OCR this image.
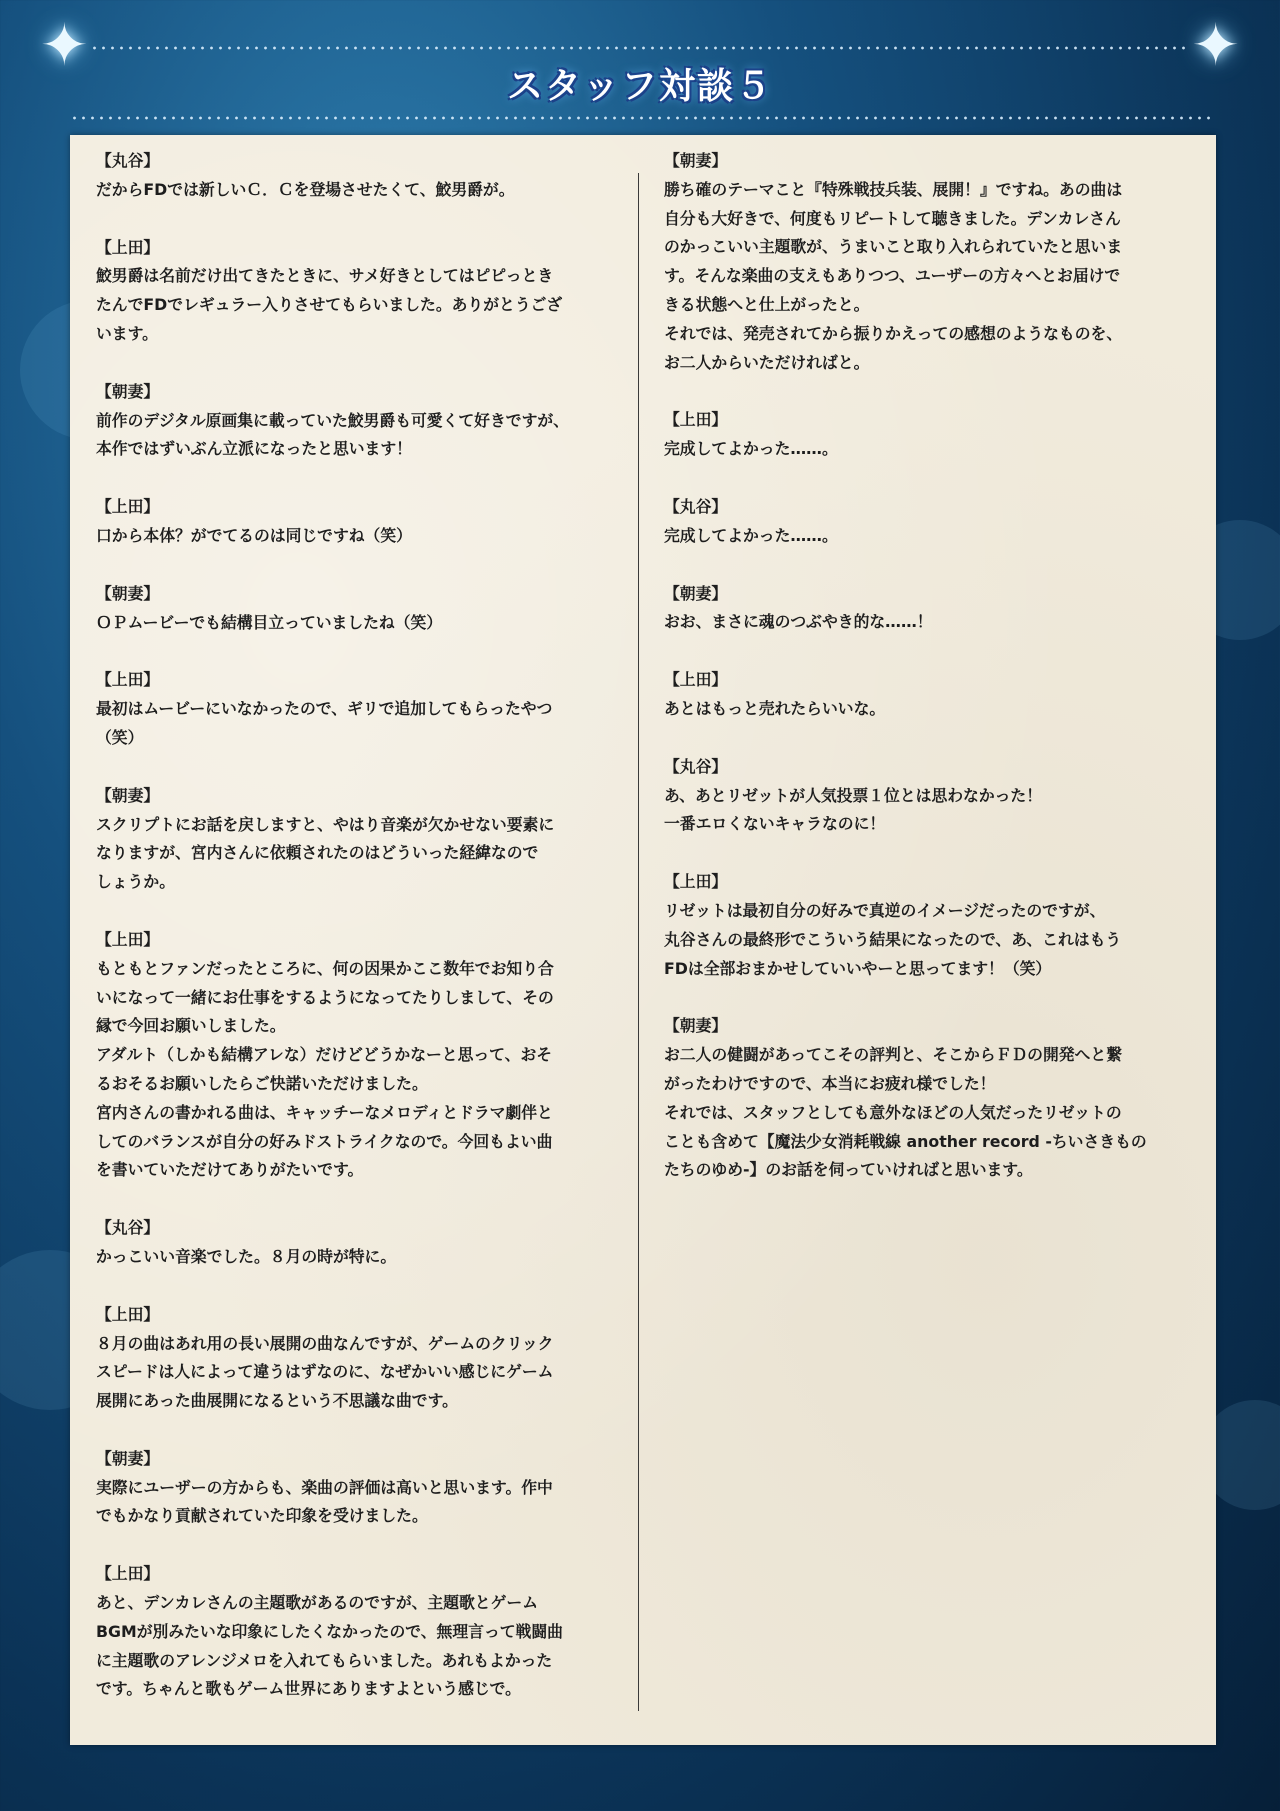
✦	✦
スタッフ対談５

【丸谷】

だからFDでは新しいＣ．Ｃを登場させたくて、鮫男爵が。

【上田】

鮫男爵は名前だけ出てきたときに、サメ好きとしてはピピっとき

たんでFDでレギュラー入りさせてもらいました。ありがとうござ

います。

【朝妻】

前作のデジタル原画集に載っていた鮫男爵も可愛くて好きですが、

本作ではずいぶん立派になったと思います！

【上田】

口から本体？がでてるのは同じですね（笑）

【朝妻】

ＯＰムービーでも結構目立っていましたね（笑）

【上田】

最初はムービーにいなかったので、ギリで追加してもらったやつ

（笑）

【朝妻】

スクリプトにお話を戻しますと、やはり音楽が欠かせない要素に

なりますが、宮内さんに依頼されたのはどういった経緯なので

しょうか。

【上田】

もともとファンだったところに、何の因果かここ数年でお知り合

いになって一緒にお仕事をするようになってたりしまして、その

縁で今回お願いしました。

アダルト（しかも結構アレな）だけどどうかなーと思って、おそ

るおそるお願いしたらご快諾いただけました。

宮内さんの書かれる曲は、キャッチーなメロディとドラマ劇伴と

してのバランスが自分の好みドストライクなので。今回もよい曲

を書いていただけてありがたいです。

【丸谷】

かっこいい音楽でした。８月の時が特に。

【上田】

８月の曲はあれ用の長い展開の曲なんですが、ゲームのクリック

スピードは人によって違うはずなのに、なぜかいい感じにゲーム

展開にあった曲展開になるという不思議な曲です。

【朝妻】

実際にユーザーの方からも、楽曲の評価は高いと思います。作中

でもかなり貢献されていた印象を受けました。

【上田】

あと、デンカレさんの主題歌があるのですが、主題歌とゲーム

BGMが別みたいな印象にしたくなかったので、無理言って戦闘曲

に主題歌のアレンジメロを入れてもらいました。あれもよかった

です。ちゃんと歌もゲーム世界にありますよという感じで。

【朝妻】

勝ち確のテーマこと『特殊戦技兵装、展開！』ですね。あの曲は

自分も大好きで、何度もリピートして聴きました。デンカレさん

のかっこいい主題歌が、うまいこと取り入れられていたと思いま

す。そんな楽曲の支えもありつつ、ユーザーの方々へとお届けで

きる状態へと仕上がったと。

それでは、発売されてから振りかえっての感想のようなものを、

お二人からいただければと。

【上田】

完成してよかった……。

【丸谷】

完成してよかった……。

【朝妻】

おお、まさに魂のつぶやき的な……！

【上田】

あとはもっと売れたらいいな。

【丸谷】

あ、あとリゼットが人気投票１位とは思わなかった！

一番エロくないキャラなのに！

【上田】

リゼットは最初自分の好みで真逆のイメージだったのですが、

丸谷さんの最終形でこういう結果になったので、あ、これはもう

FDは全部おまかせしていいやーと思ってます！（笑）

【朝妻】

お二人の健闘があってこその評判と、そこからＦＤの開発へと繋

がったわけですので、本当にお疲れ様でした！

それでは、スタッフとしても意外なほどの人気だったリゼットの

ことも含めて【魔法少女消耗戦線 another record -ちいさきもの

たちのゆめ-】のお話を伺っていければと思います。
